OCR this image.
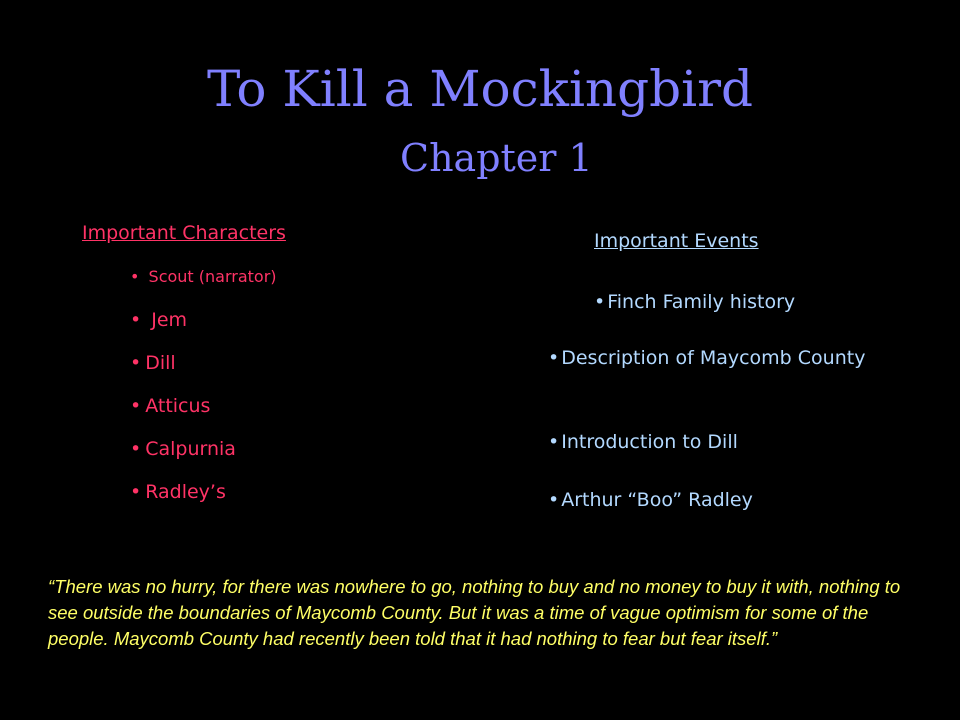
To Kill a Mockingbird
Chapter 1
Important Characters
• Scout (narrator)
• Jem
• Dill
• Atticus
• Calpurnia
• Radley’s
Important Events
• Finch Family history
• Description of Maycomb County
• Introduction to Dill
• Arthur “Boo” Radley
“There was no hurry, for there was nowhere to go, nothing to buy and no money to buy it with, nothing to see outside the boundaries of Maycomb County. But it was a time of vague optimism for some of the people. Maycomb County had recently been told that it had nothing to fear but fear itself.”
